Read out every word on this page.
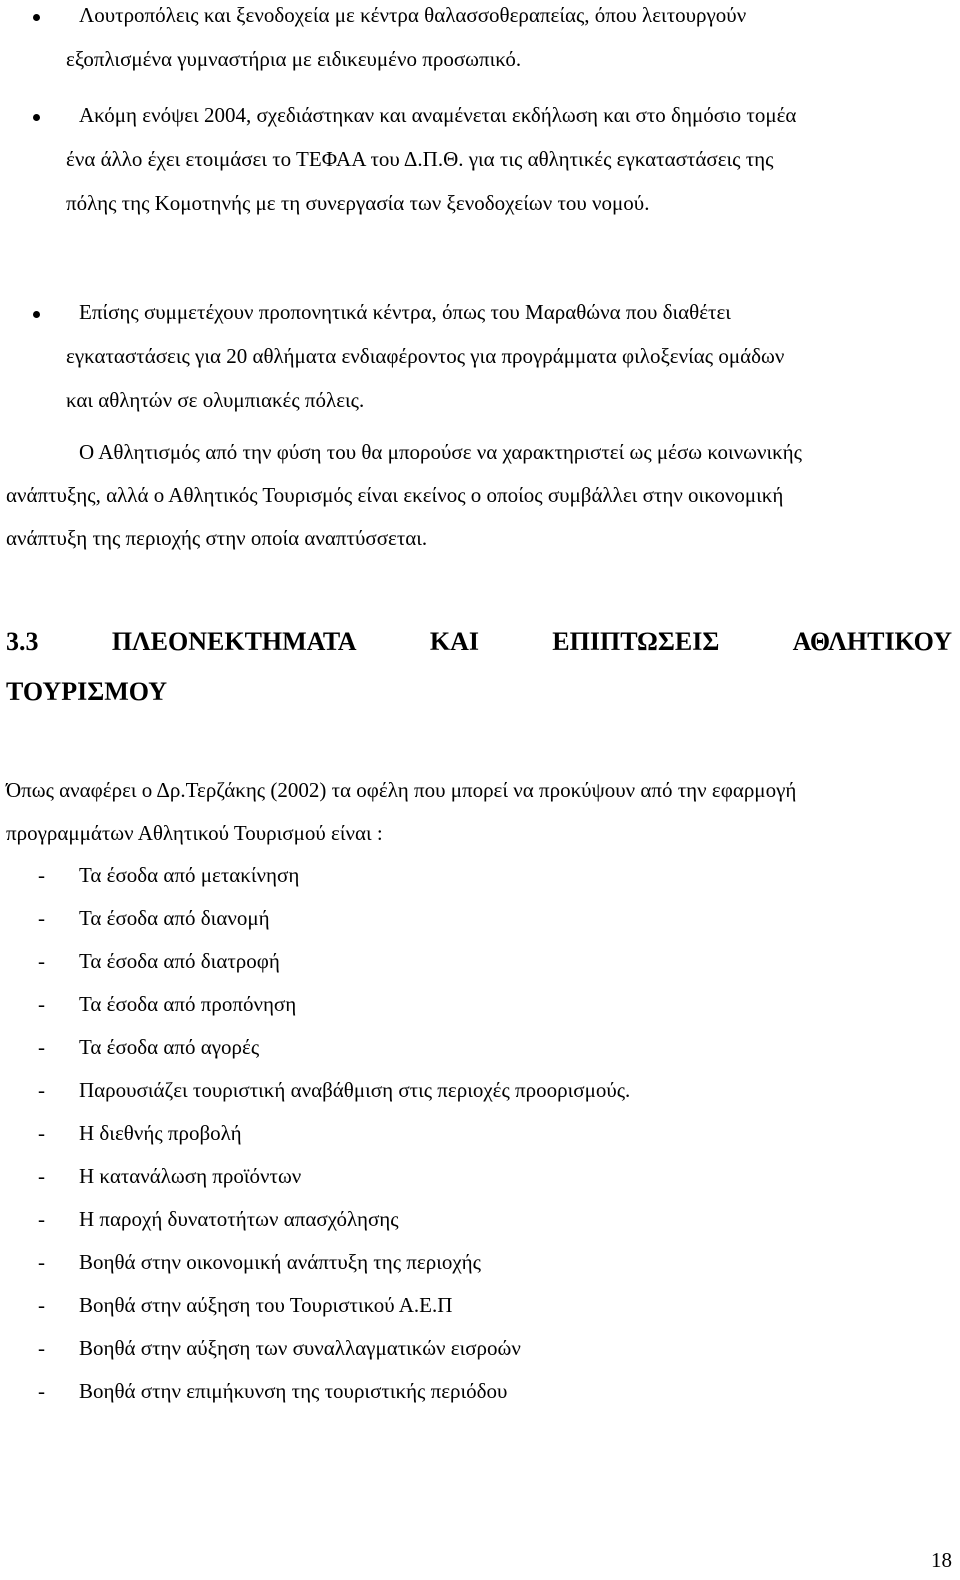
Λουτροπόλεις και ξενοδοχεία με κέντρα θαλασσοθεραπείας, όπου λειτουργούν
εξοπλισμένα γυμναστήρια με ειδικευμένο προσωπικό.
Ακόμη ενόψει 2004, σχεδιάστηκαν και αναμένεται εκδήλωση και στο δημόσιο τομέα
ένα άλλο έχει ετοιμάσει το ΤΕΦΑΑ του Δ.Π.Θ. για τις αθλητικές εγκαταστάσεις της
πόλης της Κομοτηνής με τη συνεργασία των ξενοδοχείων του νομού.
Επίσης συμμετέχουν προπονητικά κέντρα, όπως του Μαραθώνα που διαθέτει
εγκαταστάσεις για 20 αθλήματα ενδιαφέροντος για προγράμματα φιλοξενίας ομάδων
και αθλητών σε ολυμπιακές πόλεις.
Ο Αθλητισμός από την φύση του θα μπορούσε να χαρακτηριστεί ως μέσω κοινωνικής
ανάπτυξης, αλλά ο Αθλητικός Τουρισμός είναι εκείνος ο οποίος συμβάλλει στην οικονομική
ανάπτυξη της περιοχής στην οποία αναπτύσσεται.
3.3	ΠΛΕΟΝΕΚΤΗΜΑΤΑ	ΚΑΙ	ΕΠΙΠΤΩΣΕΙΣ	ΑΘΛΗΤΙΚΟΥ
ΤΟΥΡΙΣΜΟΥ
Όπως αναφέρει ο Δρ.Τερζάκης (2002) τα οφέλη που μπορεί να προκύψουν από την εφαρμογή
προγραμμάτων Αθλητικού Τουρισμού είναι :
- Τα έσοδα από μετακίνηση
- Τα έσοδα από διανομή
- Τα έσοδα από διατροφή
- Τα έσοδα από προπόνηση
- Τα έσοδα από αγορές
- Παρουσιάζει τουριστική αναβάθμιση στις περιοχές προορισμούς.
- Η διεθνής προβολή
- Η κατανάλωση προϊόντων
- Η παροχή δυνατοτήτων απασχόλησης
- Βοηθά στην οικονομική ανάπτυξη της περιοχής
- Βοηθά στην αύξηση του Τουριστικού Α.Ε.Π
- Βοηθά στην αύξηση των συναλλαγματικών εισροών
- Βοηθά στην επιμήκυνση της τουριστικής περιόδου
18
